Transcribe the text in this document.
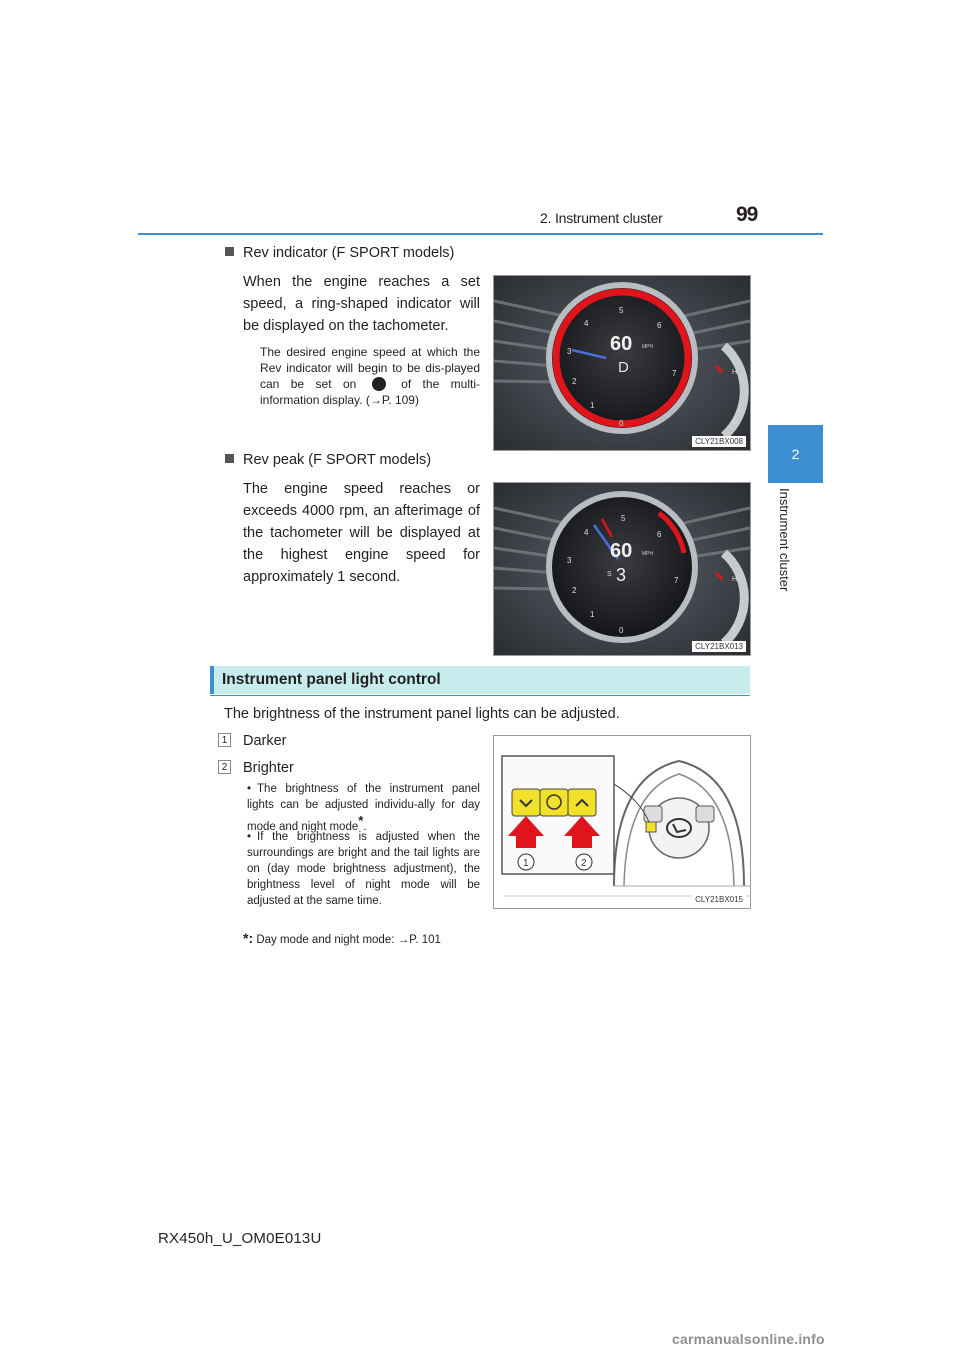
2. Instrument cluster	99
2
Instrument cluster
Rev indicator (F SPORT models)
When the engine reaches a set speed, a ring-shaped indicator will be displayed on the tachometer.
The desired engine speed at which the Rev indicator will begin to be dis-played can be set on	of the multi-information display. (→P. 109)
0
1
2
3
4
5
6
7
60 MPH
D	H
C
CLY21BX008
Rev peak (F SPORT models)
The engine speed reaches or exceeds 4000 rpm, an afterimage of the tachometer will be displayed at the highest engine speed for approximately 1 second.
0
1
2
3
4
5
6
7
60 MPH
S 3	H
C
CLY21BX013
Instrument panel light control
The brightness of the instrument panel lights can be adjusted.
1 Darker
2 Brighter
• The brightness of the instrument panel lights can be adjusted individu-ally for day mode and night mode*.
• If the brightness is adjusted when the surroundings are bright and the tail lights are on (day mode brightness adjustment), the brightness level of night mode will be adjusted at the same time.
*: Day mode and night mode: →P. 101
1	2
CLY21BX015
RX450h_U_OM0E013U
carmanualsonline.info
